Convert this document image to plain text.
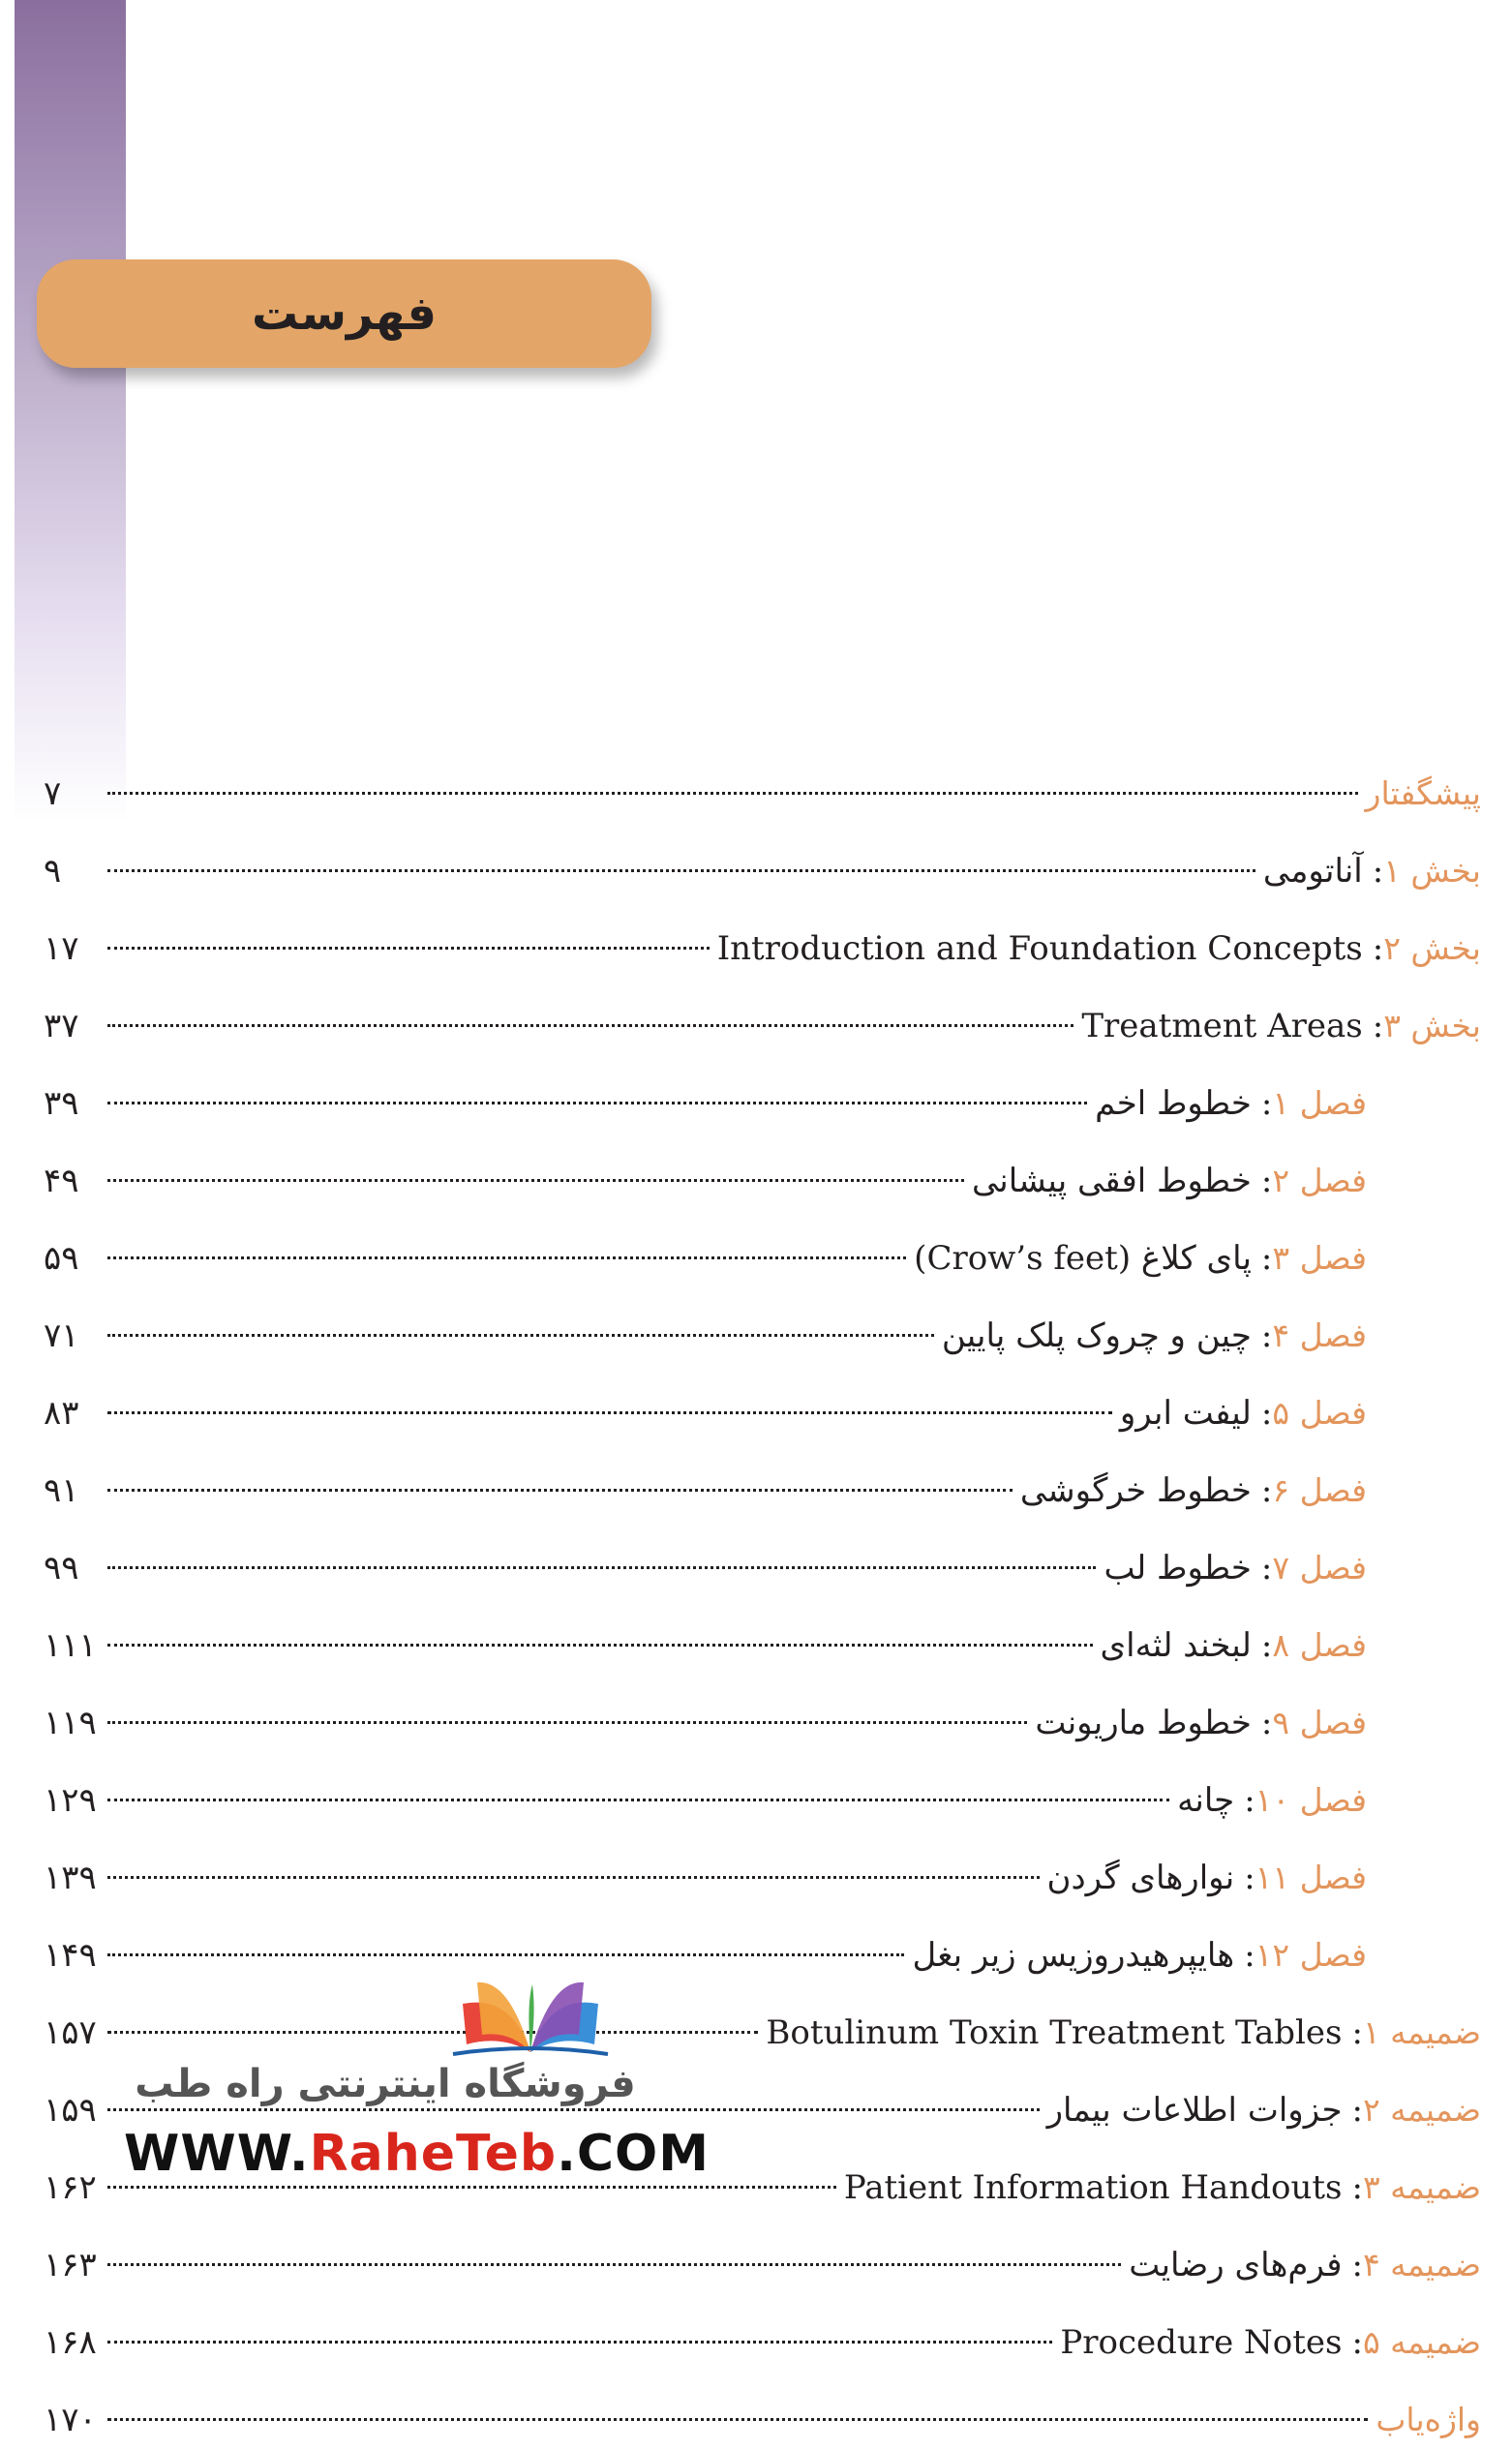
فهرست
پیشگفتار
۷
بخش ۱
:
آناتومی
۹
بخش ۲
:
Introduction and Foundation Concepts
۱۷
بخش ۳
:
Treatment Areas
۳۷
فصل ۱
:
خطوط اخم
۳۹
فصل ۲
:
خطوط افقی پیشانی
۴۹
فصل ۳
:
پای کلاغ (Crow’s feet)
۵۹
فصل ۴
:
چین و چروک پلک پایین
۷۱
فصل ۵
:
لیفت ابرو
۸۳
فصل ۶
:
خطوط خرگوشی
۹۱
فصل ۷
:
خطوط لب
۹۹
فصل ۸
:
لبخند لثه‌ای
۱۱۱
فصل ۹
:
خطوط ماریونت
۱۱۹
فصل ۱۰
:
چانه
۱۲۹
فصل ۱۱
:
نوارهای گردن
۱۳۹
فصل ۱۲
:
هایپرهیدروزیس زیر بغل
۱۴۹
ضمیمه ۱
:
Botulinum Toxin Treatment Tables
۱۵۷
ضمیمه ۲
:
جزوات اطلاعات بیمار
۱۵۹
ضمیمه ۳
:
Patient Information Handouts
۱۶۲
ضمیمه ۴
:
فرم‌های رضایت
۱۶۳
ضمیمه ۵
:
Procedure Notes
۱۶۸
واژه‌یاب
۱۷۰
فروشگاه اینترنتی راه طب
WWW.RaheTeb.COM
